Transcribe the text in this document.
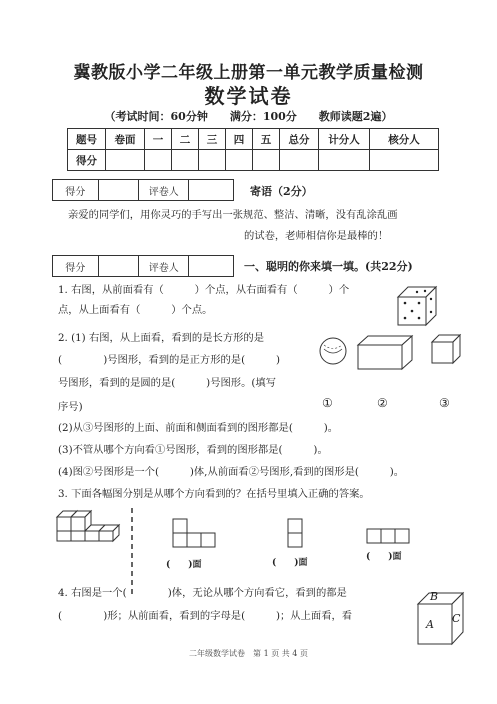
冀教版小学二年级上册第一单元教学质量检测
数学试卷
（考试时间：60分钟　　满分：100分　　教师读题2遍）
题号	卷面	一	二	三	四	五	总分	计分人	核分人
得分									
得分	评卷人	寄语（2分）
亲爱的同学们，用你灵巧的手写出一张规范、整洁、清晰，没有乱涂乱画
的试卷，老师相信你是最棒的！
得分	评卷人	一、聪明的你来填一填。(共22分)
1. 右图，从前面看有（　　　）个点，从右面看有（　　　）个
点，从上面看有（　　　）个点。
2. (1) 右图，从上面看，看到的是长方形的是
(　　　　)号图形，看到的是正方形的是(　　　)
号图形，看到的是圆的是(　　　)号图形。(填写
序号)
(2)从③号图形的上面、前面和侧面看到的图形都是(　　　)。
(3)不管从哪个方向看①号图形，看到的图形都是(　　　)。
(4)图②号图形是一个(　　　)体,从前面看②号图形,看到的图形是(　　　)。
①	②	③
3. 下面各幅图分别是从哪个方向看到的？在括号里填入正确的答案。
(　　 )面	(　　 )面
(　　 )面
4. 右图是一个(　　　　)体，无论从哪个方向看它，看到的都是
(　　　　)形；从前面看，看到的字母是(　　　)；从上面看，看
B
A C
二年级数学试卷　第 1 页 共 4 页
